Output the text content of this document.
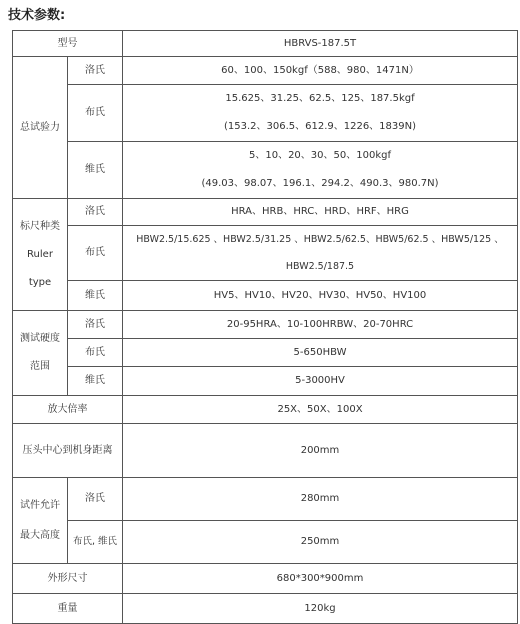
技术参数:
型号		HBRVS-187.5T
总试验力	洛氏	60、100、150kgf（588、980、1471N）
	布氏	15.625、31.25、62.5、125、187.5kgf
(153.2、306.5、612.9、1226、1839N)

	维氏	5、10、20、30、50、100kgf
(49.03、98.07、196.1、294.2、490.3、980.7N)

标尺种类
Ruler
type	洛氏	HRA、HRB、HRC、HRD、HRF、HRG
	布氏	HBW2.5/15.625 、HBW2.5/31.25 、HBW2.5/62.5、HBW5/62.5 、HBW5/125 、
HBW2.5/187.5

	维氏	HV5、HV10、HV20、HV30、HV50、HV100

测试硬度
范围	洛氏	20-95HRA、10-100HRBW、20-70HRC
	布氏	5-650HBW
	维氏	5-3000HV
放大倍率		25X、50X、100X
压头中心到机身距离		200mm

试件允许
最大高度	洛氏	280mm
	布氏, 维氏	250mm
外形尺寸		680*300*900mm
重量		120kg
